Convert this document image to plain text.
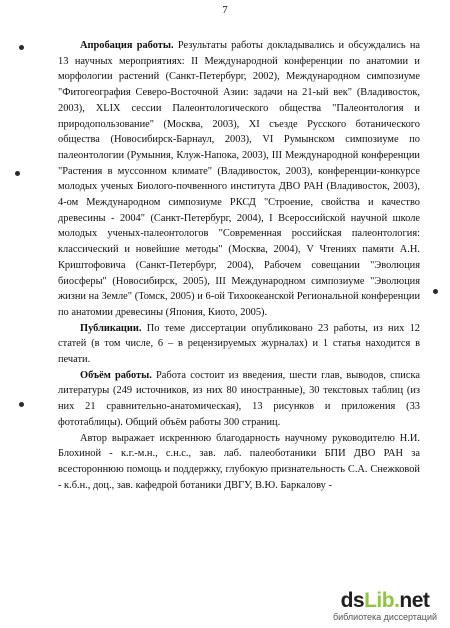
7

Апробация работы. Результаты работы докладывались и обсуждались на 13 научных мероприятиях: II Международной конференции по анатомии и морфологии растений (Санкт-Петербург, 2002), Международном симпозиуме "Фитогеография Северо-Восточной Азии: задачи на 21-ый век" (Владивосток, 2003), XLIX сессии Палеонтологического общества "Палеонтология и природопользование" (Москва, 2003), XI съезде Русского ботанического общества (Новосибирск-Барнаул, 2003), VI Румынском симпозиуме по палеонтологии (Румыния, Клуж-Напока, 2003), III Международной конференции "Растения в муссонном климате" (Владивосток, 2003), конференции-конкурсе молодых ученых Биолого-почвенного института ДВО РАН (Владивосток, 2003), 4-ом Международном симпозиуме РКСД "Строение, свойства и качество древесины - 2004" (Санкт-Петербург, 2004), I Всероссийской научной школе молодых ученых-палеонтологов "Современная российская палеонтология: классический и новейшие методы" (Москва, 2004), V Чтениях памяти А.Н. Криштофовича (Санкт-Петербург, 2004), Рабочем совещании "Эволюция биосферы" (Новосибирск, 2005), III Международном симпозиуме "Эволюция жизни на Земле" (Томск, 2005) и 6-ой Тихоокеанской Региональной конференции по анатомии древесины (Япония, Киото, 2005).

Публикации. По теме диссертации опубликовано 23 работы, из них 12 статей (в том числе, 6 – в рецензируемых журналах) и 1 статья находится в печати.

Объём работы. Работа состоит из введения, шести глав, выводов, списка литературы (249 источников, из них 80 иностранные), 30 текстовых таблиц (из них 21 сравнительно-анатомическая), 13 рисунков и приложения (33 фототаблицы). Общий объём работы 300 страниц.

Автор выражает искреннюю благодарность научному руководителю Н.И. Блохиной - к.г.-м.н., с.н.с., зав. лаб. палеоботаники БПИ ДВО РАН за всестороннюю помощь и поддержку, глубокую признательность С.А. Снежковой - к.б.н., доц., зав. кафедрой ботаники ДВГУ, В.Ю. Баркалову -

dsLib.net
библиотека диссертаций
